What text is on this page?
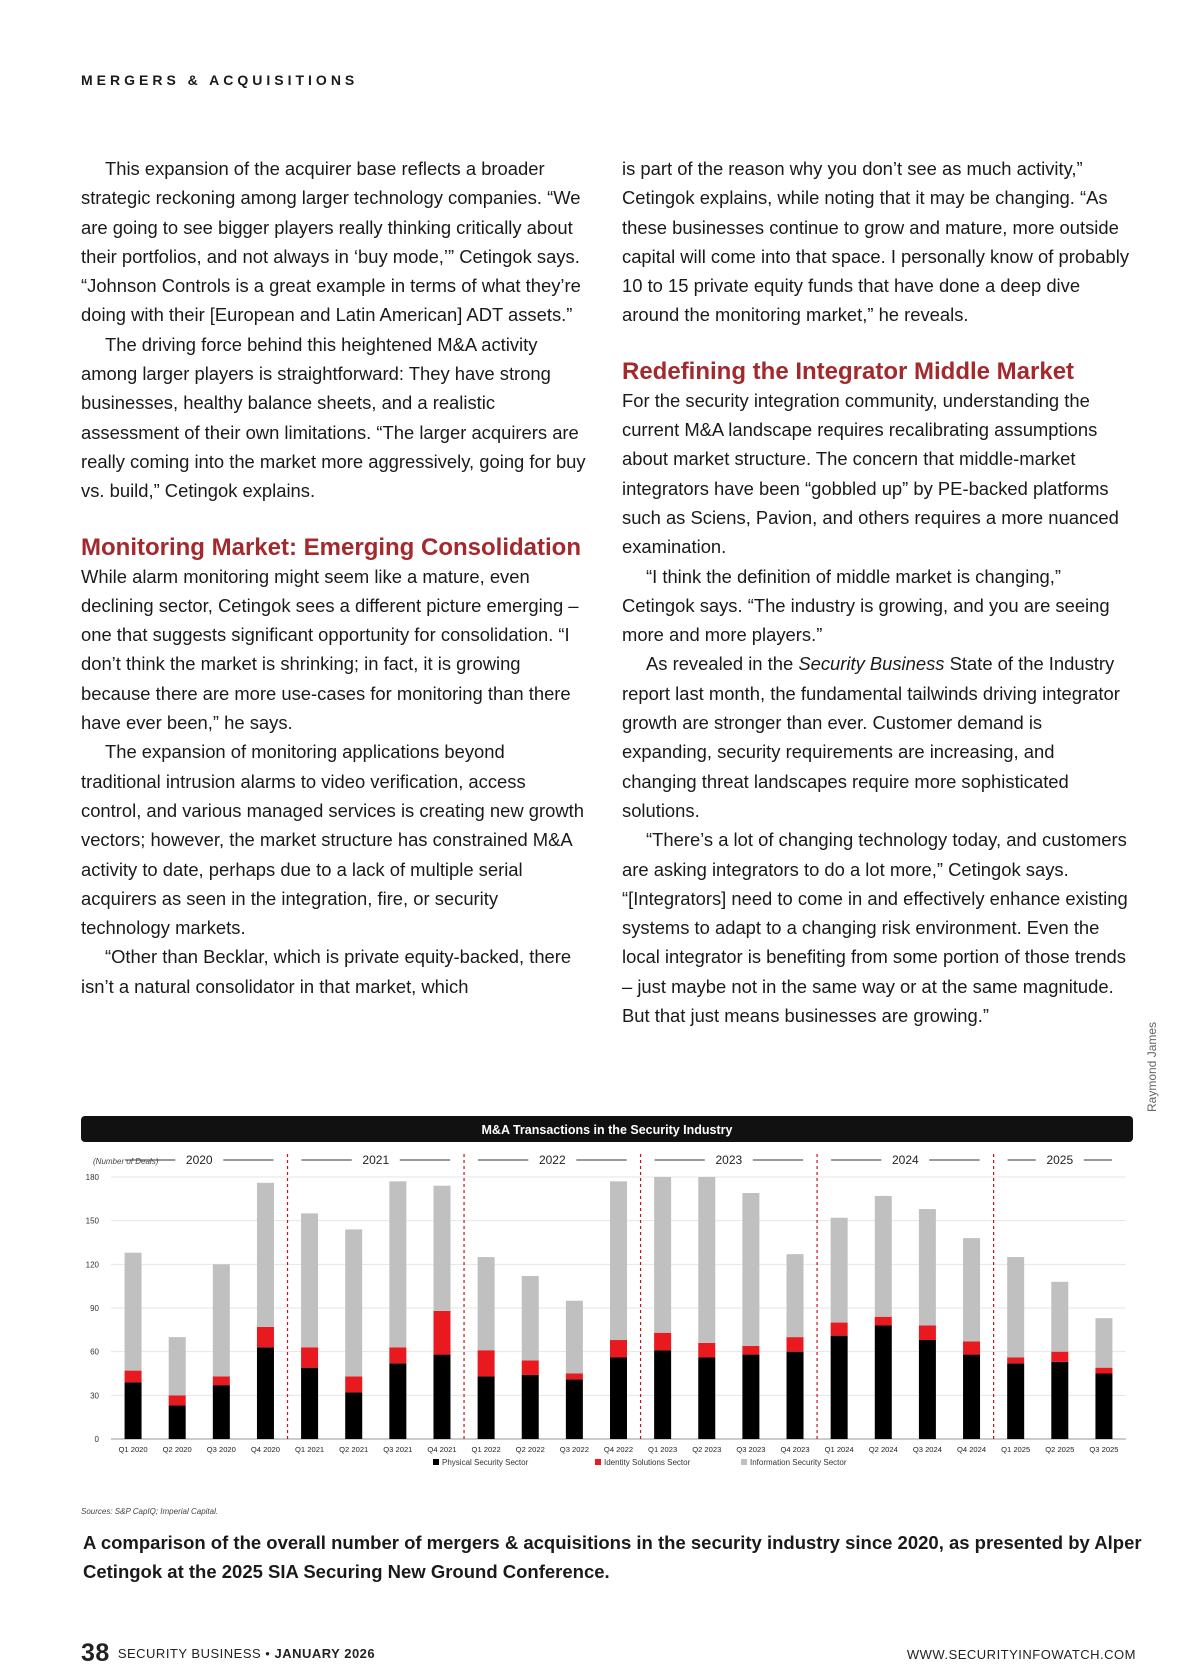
MERGERS & ACQUISITIONS

This expansion of the acquirer base reflects a broader strategic reckoning among larger technology companies. “We are going to see bigger players really thinking critically about their portfolios, and not always in ‘buy mode,’” Cetingok says. “Johnson Controls is a great example in terms of what they’re doing with their [European and Latin American] ADT assets.”

The driving force behind this heightened M&A activity among larger players is straightforward: They have strong businesses, healthy balance sheets, and a realistic assessment of their own limitations. “The larger acquirers are really coming into the market more aggressively, going for buy vs. build,” Cetingok explains.

Monitoring Market: Emerging Consolidation

While alarm monitoring might seem like a mature, even declining sector, Cetingok sees a different picture emerging – one that suggests significant opportunity for consolidation. “I don’t think the market is shrinking; in fact, it is growing because there are more use-cases for monitoring than there have ever been,” he says.

The expansion of monitoring applications beyond traditional intrusion alarms to video verification, access control, and various managed services is creating new growth vectors; however, the market structure has constrained M&A activity to date, perhaps due to a lack of multiple serial acquirers as seen in the integration, fire, or security technology markets.

“Other than Becklar, which is private equity-backed, there isn’t a natural consolidator in that market, which

is part of the reason why you don’t see as much activity,” Cetingok explains, while noting that it may be changing. “As these businesses continue to grow and mature, more outside capital will come into that space. I personally know of probably 10 to 15 private equity funds that have done a deep dive around the monitoring market,” he reveals.

Redefining the Integrator Middle Market

For the security integration community, understanding the current M&A landscape requires recalibrating assumptions about market structure. The concern that middle-market integrators have been “gobbled up” by PE-backed platforms such as Sciens, Pavion, and others requires a more nuanced examination.

“I think the definition of middle market is changing,” Cetingok says. “The industry is growing, and you are seeing more and more players.”

As revealed in the Security Business State of the Industry report last month, the fundamental tailwinds driving integrator growth are stronger than ever. Customer demand is expanding, security requirements are increasing, and changing threat landscapes require more sophisticated solutions.

“There’s a lot of changing technology today, and customers are asking integrators to do a lot more,” Cetingok says. “[Integrators] need to come in and effectively enhance existing systems to adapt to a changing risk environment. Even the local integrator is benefiting from some portion of those trends – just maybe not in the same way or at the same magnitude. But that just means businesses are growing.”

Raymond James
M&A Transactions in the Security Industry
(Number of Deals)
0
30
60
90
120
150
180
Q1 2020 Q2 2020 Q3 2020 Q4 2020 Q1 2021 Q2 2021 Q3 2021 Q4 2021 Q1 2022 Q2 2022 Q3 2022 Q4 2022 Q1 2023 Q2 2023 Q3 2023 Q4 2023 Q1 2024 Q2 2024 Q3 2024 Q4 2024 Q1 2025 Q2 2025 Q3 2025
2020	2021	2022	2023	2024	2025
Physical Security Sector	Identity Solutions Sector	Information Security Sector
Sources: S&P CapIQ; Imperial Capital.
A comparison of the overall number of mergers & acquisitions in the security industry since 2020, as presented by Alper Cetingok at the 2025 SIA Securing New Ground Conference.
38 SECURITY BUSINESS • JANUARY 2026	WWW.SECURITYINFOWATCH.COM
